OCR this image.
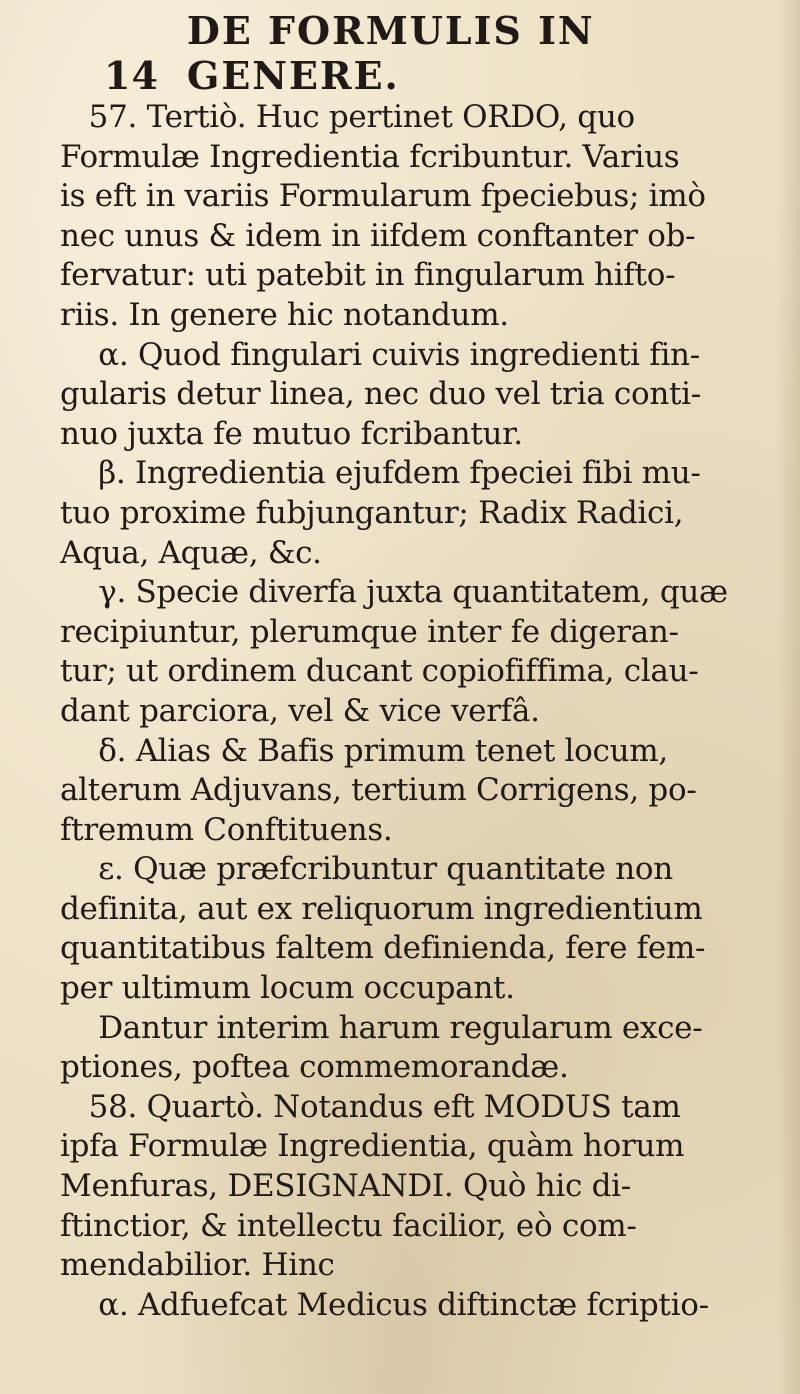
14
DE FORMULIS IN GENERE.
57. Tertiò. Huc pertinet ORDO, quo
Formulæ Ingredientia fcribuntur. Varius
is eft in variis Formularum fpeciebus; imò
nec unus & idem in iifdem conftanter ob-
fervatur: uti patebit in fingularum hifto-
riis. In genere hic notandum.
α. Quod fingulari cuivis ingredienti fin-
gularis detur linea, nec duo vel tria conti-
nuo juxta fe mutuo fcribantur.
β. Ingredientia ejufdem fpeciei fibi mu-
tuo proxime fubjungantur; Radix Radici,
Aqua, Aquæ, &c.
γ. Specie diverfa juxta quantitatem, quæ
recipiuntur, plerumque inter fe digeran-
tur; ut ordinem ducant copiofiffima, clau-
dant parciora, vel & vice verfâ.
δ. Alias & Bafis primum tenet locum,
alterum Adjuvans, tertium Corrigens, po-
ftremum Conftituens.
ε. Quæ præfcribuntur quantitate non
definita, aut ex reliquorum ingredientium
quantitatibus faltem definienda, fere fem-
per ultimum locum occupant.
Dantur interim harum regularum exce-
ptiones, poftea commemorandæ.
58. Quartò. Notandus eft MODUS tam
ipfa Formulæ Ingredientia, quàm horum
Menfuras, DESIGNANDI. Quò hic di-
ftinctior, & intellectu facilior, eò com-
mendabilior. Hinc
α. Adfuefcat Medicus diftinctæ fcriptio-
